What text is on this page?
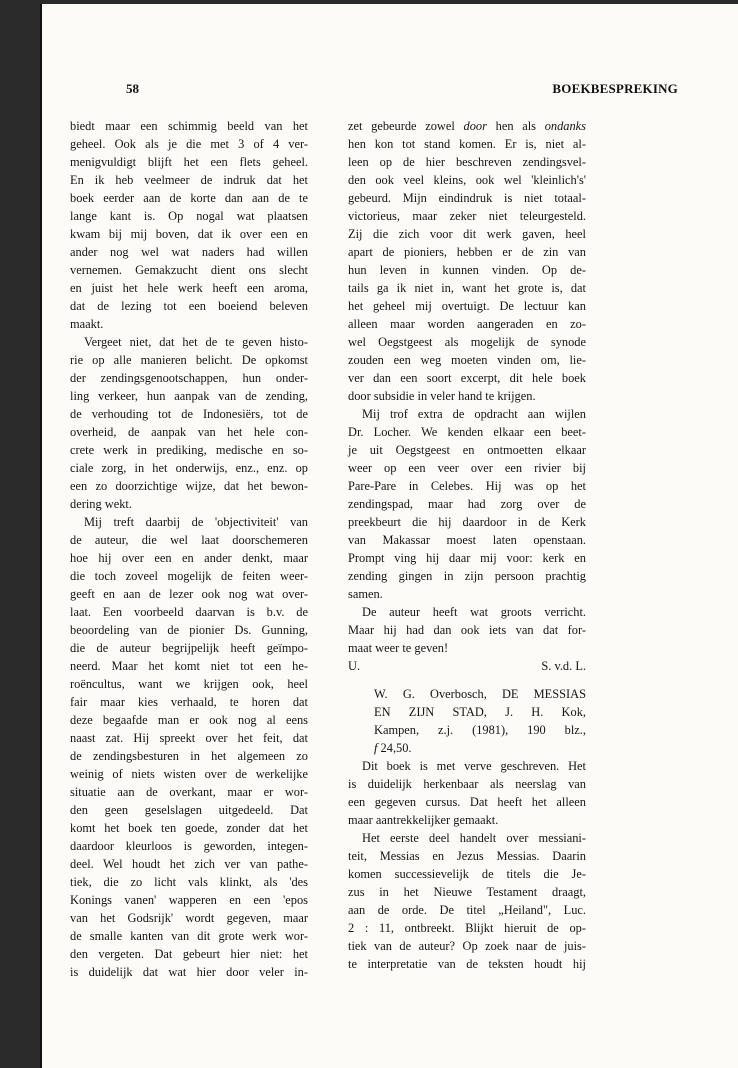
58	BOEKBESPREKING
biedt maar een schimmig beeld van het
geheel. Ook als je die met 3 of 4 ver-
menigvuldigt blijft het een flets geheel.
En ik heb veelmeer de indruk dat het
boek eerder aan de korte dan aan de te
lange kant is. Op nogal wat plaatsen
kwam bij mij boven, dat ik over een en
ander nog wel wat naders had willen
vernemen. Gemakzucht dient ons slecht
en juist het hele werk heeft een aroma,
dat de lezing tot een boeiend beleven
maakt.
Vergeet niet, dat het de te geven histo-
rie op alle manieren belicht. De opkomst
der zendingsgenootschappen, hun onder-
ling verkeer, hun aanpak van de zending,
de verhouding tot de Indonesiërs, tot de
overheid, de aanpak van het hele con-
crete werk in prediking, medische en so-
ciale zorg, in het onderwijs, enz., enz. op
een zo doorzichtige wijze, dat het bewon-
dering wekt.
Mij treft daarbij de 'objectiviteit' van
de auteur, die wel laat doorschemeren
hoe hij over een en ander denkt, maar
die toch zoveel mogelijk de feiten weer-
geeft en aan de lezer ook nog wat over-
laat. Een voorbeeld daarvan is b.v. de
beoordeling van de pionier Ds. Gunning,
die de auteur begrijpelijk heeft geïmpo-
neerd. Maar het komt niet tot een he-
roëncultus, want we krijgen ook, heel
fair maar kies verhaald, te horen dat
deze begaafde man er ook nog al eens
naast zat. Hij spreekt over het feit, dat
de zendingsbesturen in het algemeen zo
weinig of niets wisten over de werkelijke
situatie aan de overkant, maar er wor-
den geen geselslagen uitgedeeld. Dat
komt het boek ten goede, zonder dat het
daardoor kleurloos is geworden, integen-
deel. Wel houdt het zich ver van pathe-
tiek, die zo licht vals klinkt, als 'des
Konings vanen' wapperen en een 'epos
van het Godsrijk' wordt gegeven, maar
de smalle kanten van dit grote werk wor-
den vergeten. Dat gebeurt hier niet: het
is duidelijk dat wat hier door veler in-
zet gebeurde zowel door hen als ondanks
hen kon tot stand komen. Er is, niet al-
leen op de hier beschreven zendingsvel-
den ook veel kleins, ook wel 'kleinlich's'
gebeurd. Mijn eindindruk is niet totaal-
victorieus, maar zeker niet teleurgesteld.
Zij die zich voor dit werk gaven, heel
apart de pioniers, hebben er de zin van
hun leven in kunnen vinden. Op de-
tails ga ik niet in, want het grote is, dat
het geheel mij overtuigt. De lectuur kan
alleen maar worden aangeraden en zo-
wel Oegstgeest als mogelijk de synode
zouden een weg moeten vinden om, lie-
ver dan een soort excerpt, dit hele boek
door subsidie in veler hand te krijgen.
Mij trof extra de opdracht aan wijlen
Dr. Locher. We kenden elkaar een beet-
je uit Oegstgeest en ontmoetten elkaar
weer op een veer over een rivier bij
Pare-Pare in Celebes. Hij was op het
zendingspad, maar had zorg over de
preekbeurt die hij daardoor in de Kerk
van Makassar moest laten openstaan.
Prompt ving hij daar mij voor: kerk en
zending gingen in zijn persoon prachtig
samen.
De auteur heeft wat groots verricht.
Maar hij had dan ook iets van dat for-
maat weer te geven!
U.	S. v.d. L.
W. G. Overbosch, DE MESSIAS
EN ZIJN STAD, J. H. Kok,
Kampen, z.j. (1981), 190 blz.,
f 24,50.
Dit boek is met verve geschreven. Het
is duidelijk herkenbaar als neerslag van
een gegeven cursus. Dat heeft het alleen
maar aantrekkelijker gemaakt.
Het eerste deel handelt over messiani-
teit, Messias en Jezus Messias. Daarin
komen successievelijk de titels die Je-
zus in het Nieuwe Testament draagt,
aan de orde. De titel „Heiland", Luc.
2 : 11, ontbreekt. Blijkt hieruit de op-
tiek van de auteur? Op zoek naar de juis-
te interpretatie van de teksten houdt hij
